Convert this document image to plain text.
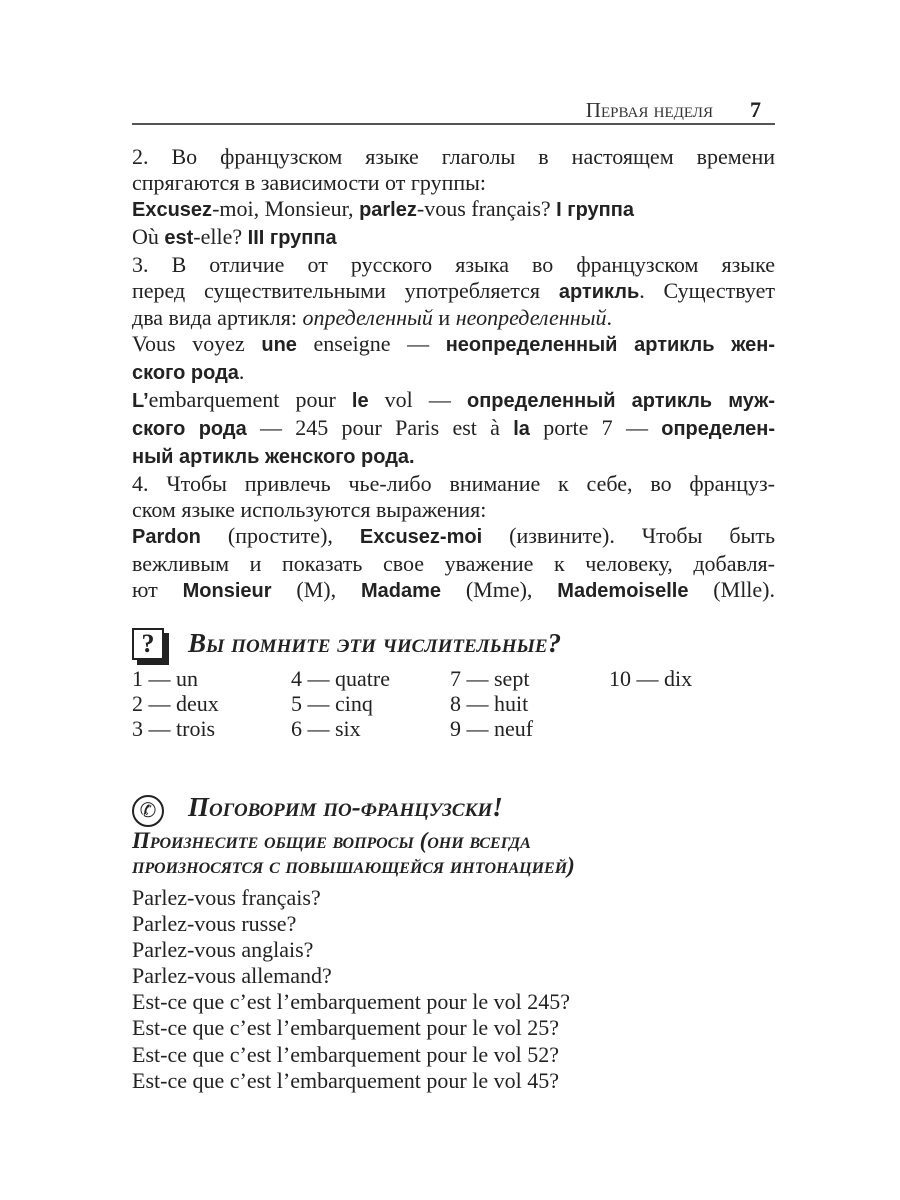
Первая неделя 7
2. Во французском языке глаголы в настоящем времени
спрягаются в зависимости от группы:
Excusez-moi, Monsieur, parlez-vous français? I группа
Où est-elle? III группа
3. В отличие от русского языка во французском языке
перед существительными употребляется артикль. Существует
два вида артикля: определенный и неопределенный.
Vous voyez une enseigne — неопределенный артикль жен-
ского рода.
L’embarquement pour le vol — определенный артикль муж-
ского рода — 245 pour Paris est à la porte 7 — определен-
ный артикль женского рода.
4. Чтобы привлечь чье-либо внимание к себе, во француз-
ском языке используются выражения:
Pardon (простите), Excusez-moi (извините). Чтобы быть
вежливым и показать свое уважение к человеку, добавля-
ют Monsieur (M), Madame (Mme), Mademoiselle (Mlle).
?	Вы помните эти числительные?
1 — un	4 — quatre	7 — sept	10 — dix
2 — deux	5 — cinq	8 — huit
3 — trois	6 — six	9 — neuf
✆ Поговорим по-французски!
Произнесите общие вопросы (они всегда
произносятся с повышающейся интонацией)
Parlez-vous français?
Parlez-vous russe?
Parlez-vous anglais?
Parlez-vous allemand?
Est-ce que c’est l’embarquement pour le vol 245?
Est-ce que c’est l’embarquement pour le vol 25?
Est-ce que c’est l’embarquement pour le vol 52?
Est-ce que c’est l’embarquement pour le vol 45?
